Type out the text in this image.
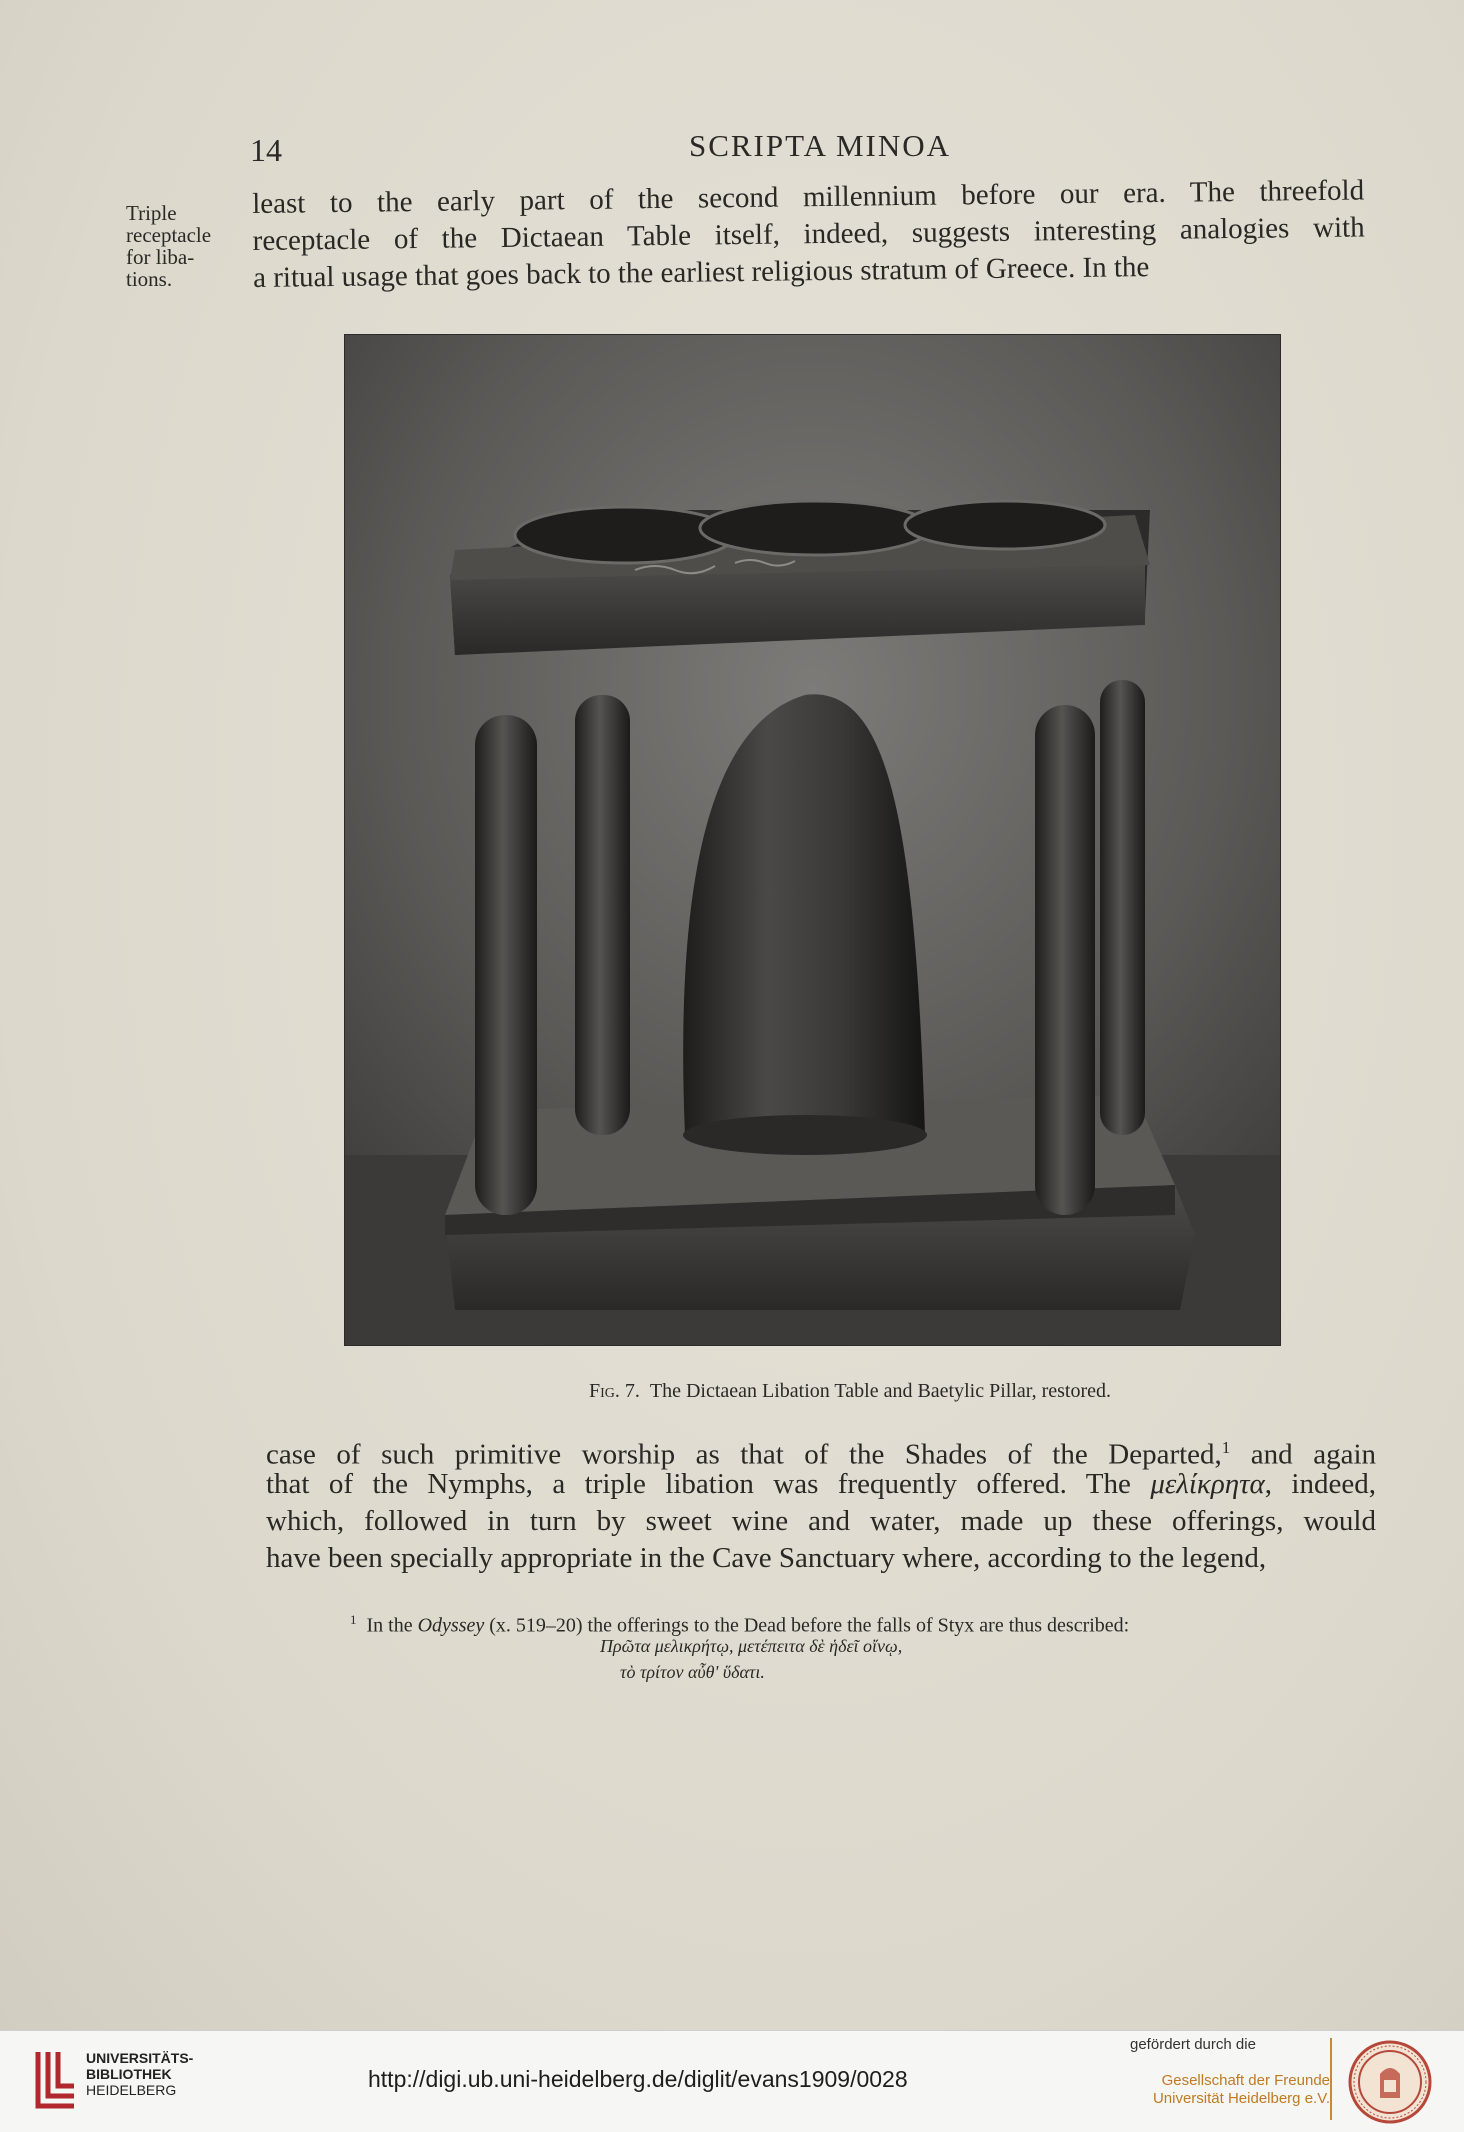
14	SCRIPTA MINOA
Triple
receptacle
for liba-
tions.
least to the early part of the second millennium before our era. The threefold
receptacle of the Dictaean Table itself, indeed, suggests interesting analogies with
a ritual usage that goes back to the earliest religious stratum of Greece. In the
Fig. 7. The Dictaean Libation Table and Baetylic Pillar, restored.
case of such primitive worship as that of the Shades of the Departed,$^1$ and again
that of the Nymphs, a triple libation was frequently offered. The μελίκρητα, indeed,
which, followed in turn by sweet wine and water, made up these offerings, would
have been specially appropriate in the Cave Sanctuary where, according to the legend,
$^1$ In the Odyssey (x. 519–20) the offerings to the Dead before the falls of Styx are thus described:
Πρῶτα μελικρήτῳ, μετέπειτα δὲ ἡδεῖ οἴνῳ,
τὸ τρίτον αὖθ' ὕδατι.
UNIVERSITÄTS-
BIBLIOTHEK
HEIDELBERG	http://digi.ub.uni-heidelberg.de/diglit/evans1909/0028
gefördert durch die
Gesellschaft der Freunde
Universität Heidelberg e.V.
